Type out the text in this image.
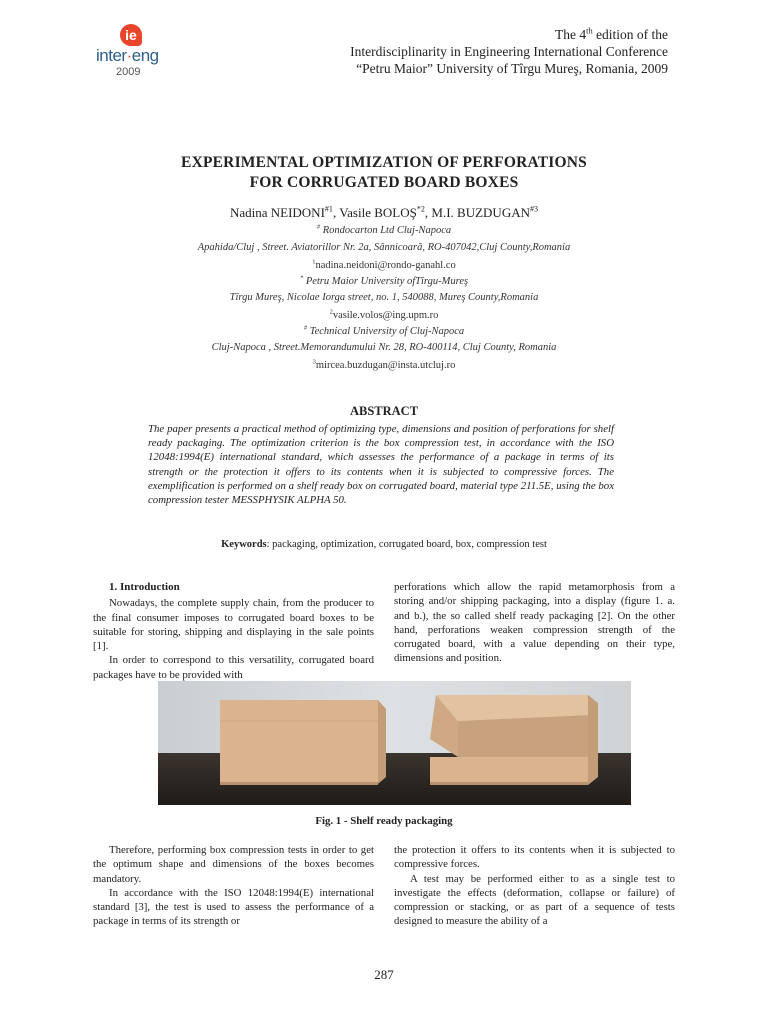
ie
inter·eng
2009
The 4th edition of the
Interdisciplinarity in Engineering International Conference
“Petru Maior” University of Tîrgu Mureş, Romania, 2009
EXPERIMENTAL OPTIMIZATION OF PERFORATIONS
FOR CORRUGATED BOARD BOXES
Nadina NEIDONI$^{\#1}$, Vasile BOLOŞ$^{*2}$, M.I. BUZDUGAN$^{\#3}$
# Rondocarton Ltd Cluj-Napoca
Apahida/Cluj , Street. Aviatorillor Nr. 2a, Sânnicoară, RO-407042,Cluj County,Romania
$^1$nadina.neidoni@rondo-ganahl.co
* Petru Maior University ofTîrgu-Mureş
Tîrgu Mureş, Nicolae Iorga street, no. 1, 540088, Mureş County,Romania
$^2$vasile.volos@ing.upm.ro
# Technical University of Cluj-Napoca
Cluj-Napoca , Street.Memorandumului Nr. 28, RO-400114, Cluj County, Romania
$^3$mircea.buzdugan@insta.utcluj.ro
ABSTRACT
The paper presents a practical method of optimizing type, dimensions and position of perforations for shelf ready packaging. The optimization criterion is the box compression test, in accordance with the ISO 12048:1994(E) international standard, which assesses the performance of a package in terms of its strength or the protection it offers to its contents when it is subjected to compressive forces. The exemplification is performed on a shelf ready box on corrugated board, material type 211.5E, using the box compression tester MESSPHYSIK ALPHA 50.
Keywords: packaging, optimization, corrugated board, box, compression test

1. Introduction

Nowadays, the complete supply chain, from the producer to the final consumer imposes to corrugated board boxes to be suitable for storing, shipping and displaying in the sale points [1].

In order to correspond to this versatility, corrugated board packages have to be provided with

perforations which allow the rapid metamorphosis from a storing and/or shipping packaging, into a display (figure 1. a. and b.), the so called shelf ready packaging [2]. On the other hand, perforations weaken compression strength of the corrugated board, with a value depending on their type, dimensions and position.

Fig. 1 - Shelf ready packaging

Therefore, performing box compression tests in order to get the optimum shape and dimensions of the boxes becomes mandatory.

In accordance with the ISO 12048:1994(E) international standard [3], the test is used to assess the performance of a package in terms of its strength or

the protection it offers to its contents when it is subjected to compressive forces.

A test may be performed either to as a single test to investigate the effects (deformation, collapse or failure) of compression or stacking, or as part of a sequence of tests designed to measure the ability of a

287
